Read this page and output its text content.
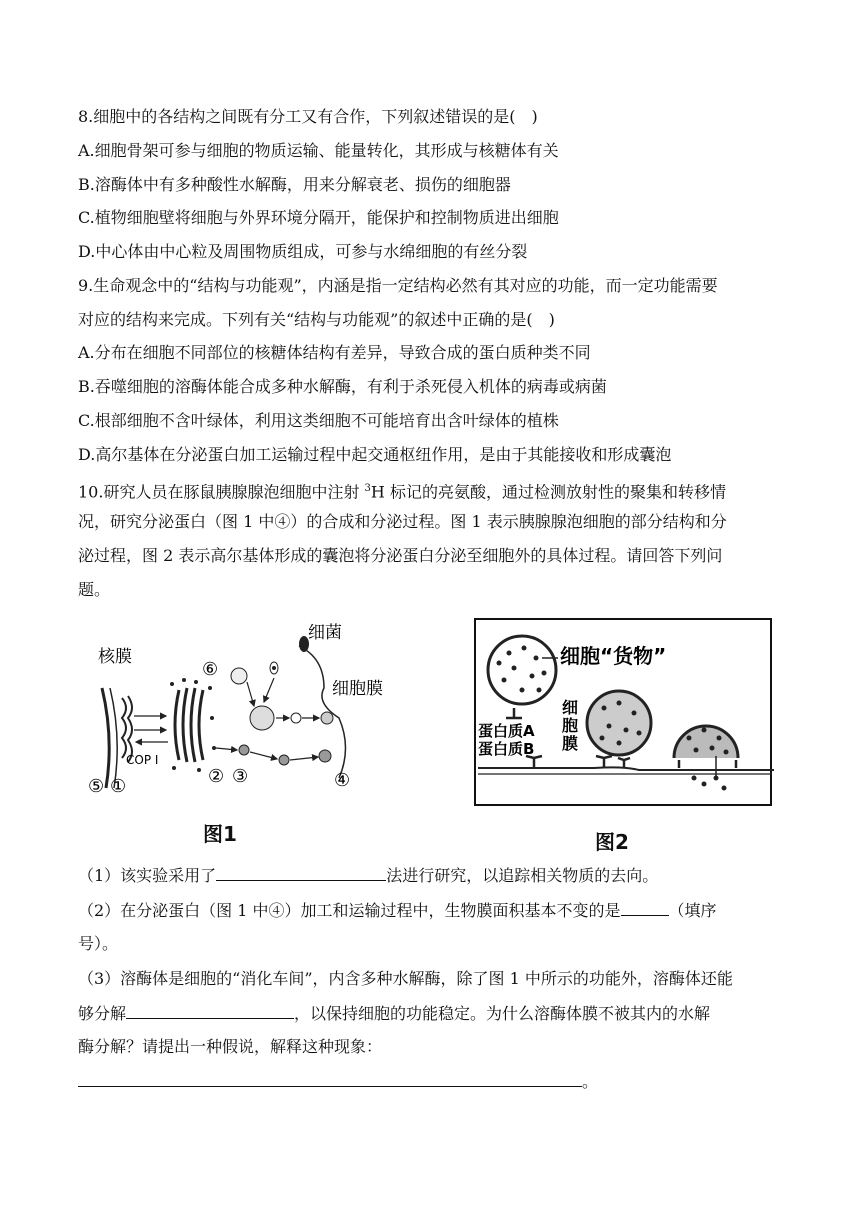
8.细胞中的各结构之间既有分工又有合作，下列叙述错误的是(　)
A.细胞骨架可参与细胞的物质运输、能量转化，其形成与核糖体有关
B.溶酶体中有多种酸性水解酶，用来分解衰老、损伤的细胞器
C.植物细胞壁将细胞与外界环境分隔开，能保护和控制物质进出细胞
D.中心体由中心粒及周围物质组成，可参与水绵细胞的有丝分裂
9.生命观念中的“结构与功能观”，内涵是指一定结构必然有其对应的功能，而一定功能需要
对应的结构来完成。下列有关“结构与功能观”的叙述中正确的是(　)
A.分布在细胞不同部位的核糖体结构有差异，导致合成的蛋白质种类不同
B.吞噬细胞的溶酶体能合成多种水解酶，有利于杀死侵入机体的病毒或病菌
C.根部细胞不含叶绿体，利用这类细胞不可能培育出含叶绿体的植株
D.高尔基体在分泌蛋白加工运输过程中起交通枢纽作用，是由于其能接收和形成囊泡
10.研究人员在豚鼠胰腺腺泡细胞中注射 $^3$H 标记的亮氨酸，通过检测放射性的聚集和转移情
况，研究分泌蛋白（图 1 中④）的合成和分泌过程。图 1 表示胰腺腺泡细胞的部分结构和分
泌过程，图 2 表示高尔基体形成的囊泡将分泌蛋白分泌至细胞外的具体过程。请回答下列问
题。
核膜
细菌
细胞膜
COP Ⅰ
⑥
⑤ ①	② ③	④
图1
细胞“货物”
细
胞
膜
蛋白质A
蛋白质B
图2
（1）该实验采用了	法进行研究，以追踪相关物质的去向。
（2）在分泌蛋白（图 1 中④）加工和运输过程中，生物膜面积基本不变的是	（填序
号）。
（3）溶酶体是细胞的“消化车间”，内含多种水解酶，除了图 1 中所示的功能外，溶酶体还能
够分解	，以保持细胞的功能稳定。为什么溶酶体膜不被其内的水解
酶分解？请提出一种假说，解释这种现象：
。
